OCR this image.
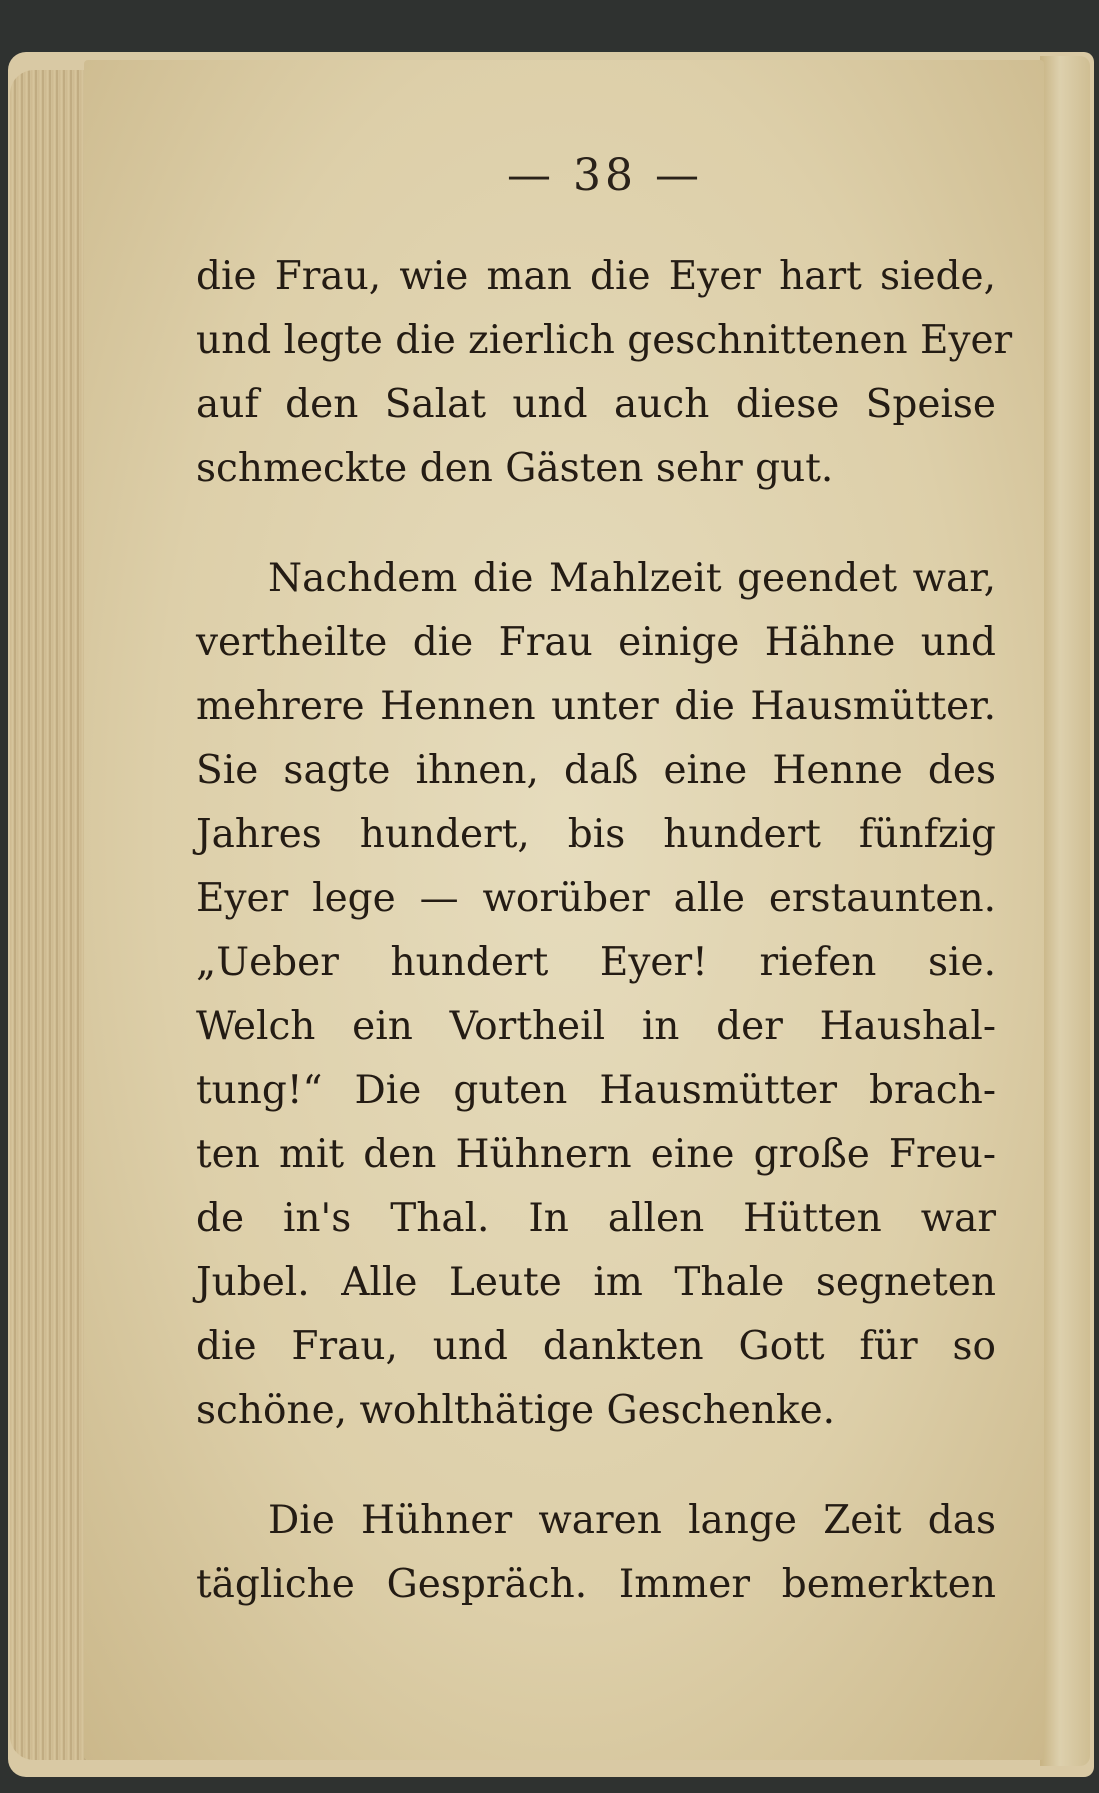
— 38 —
die Frau, wie man die Eyer hart siede,
und legte die zierlich geschnittenen Eyer
auf den Salat und auch diese Speise
schmeckte den Gästen sehr gut.
Nachdem die Mahlzeit geendet war,
vertheilte die Frau einige Hähne und
mehrere Hennen unter die Hausmütter.
Sie sagte ihnen, daß eine Henne des
Jahres hundert, bis hundert fünfzig
Eyer lege — worüber alle erstaunten.
„Ueber hundert Eyer! riefen sie.
Welch ein Vortheil in der Haushal-
tung!“ Die guten Hausmütter brach-
ten mit den Hühnern eine große Freu-
de in's Thal. In allen Hütten war
Jubel. Alle Leute im Thale segneten
die Frau, und dankten Gott für so
schöne, wohlthätige Geschenke.
Die Hühner waren lange Zeit das
tägliche Gespräch. Immer bemerkten
